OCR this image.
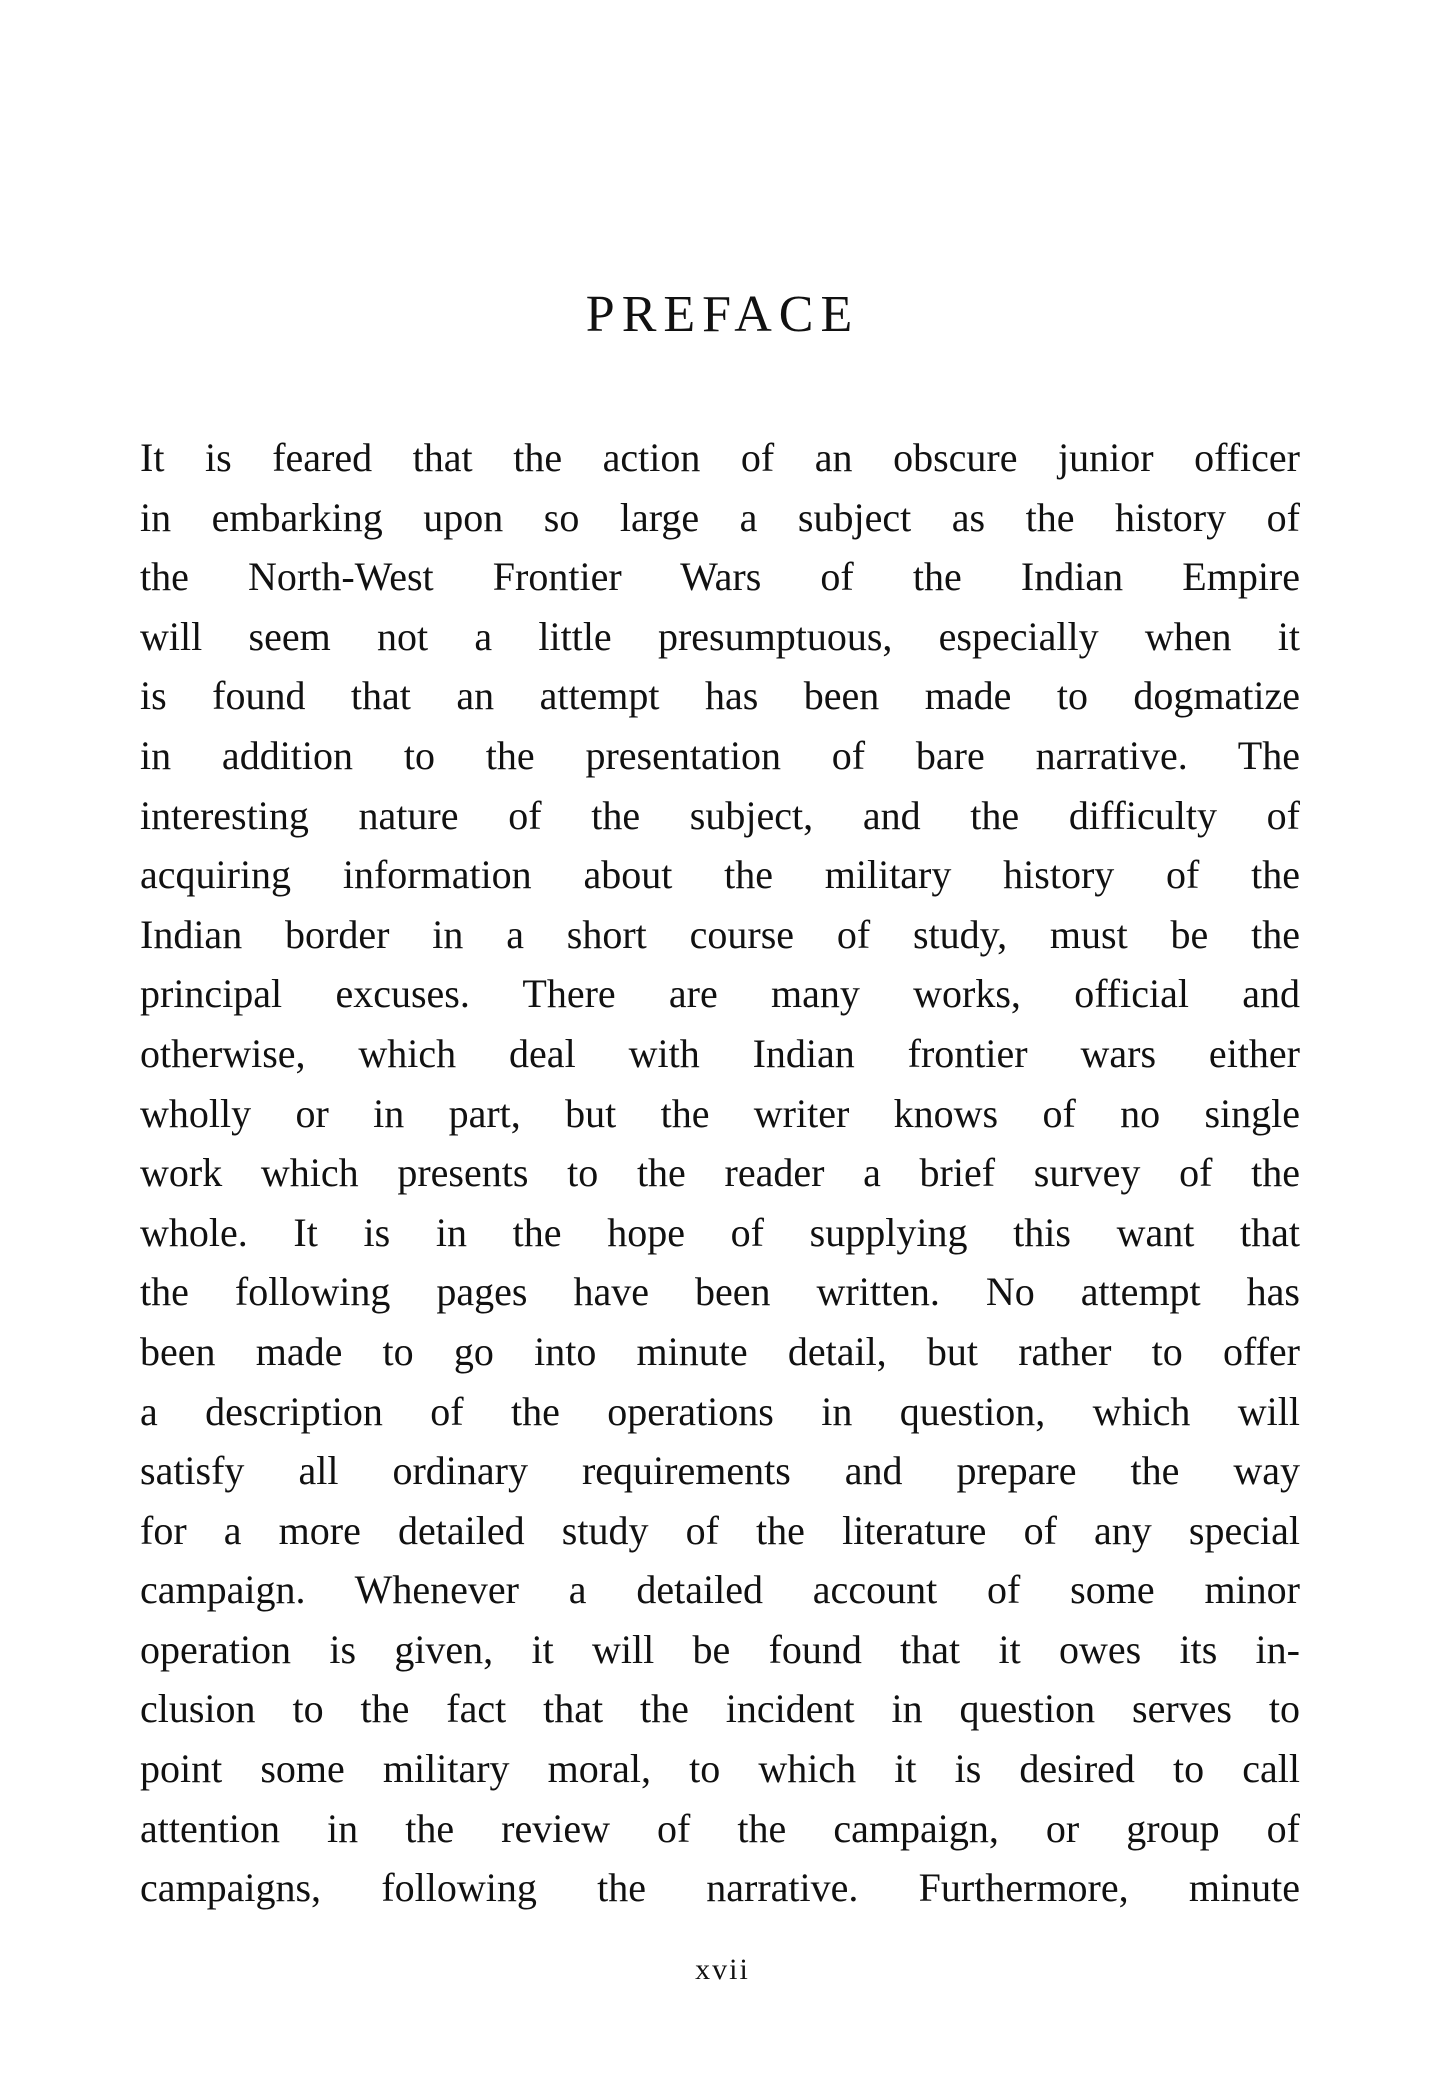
PREFACE
It is feared that the action of an obscure junior officer
in embarking upon so large a subject as the history of
the North-West Frontier Wars of the Indian Empire
will seem not a little presumptuous, especially when it
is found that an attempt has been made to dogmatize
in addition to the presentation of bare narrative. The
interesting nature of the subject, and the difficulty of
acquiring information about the military history of the
Indian border in a short course of study, must be the
principal excuses. There are many works, official and
otherwise, which deal with Indian frontier wars either
wholly or in part, but the writer knows of no single
work which presents to the reader a brief survey of the
whole. It is in the hope of supplying this want that
the following pages have been written. No attempt has
been made to go into minute detail, but rather to offer
a description of the operations in question, which will
satisfy all ordinary requirements and prepare the way
for a more detailed study of the literature of any special
campaign. Whenever a detailed account of some minor
operation is given, it will be found that it owes its in-
clusion to the fact that the incident in question serves to
point some military moral, to which it is desired to call
attention in the review of the campaign, or group of
campaigns, following the narrative. Furthermore, minute
xvii
